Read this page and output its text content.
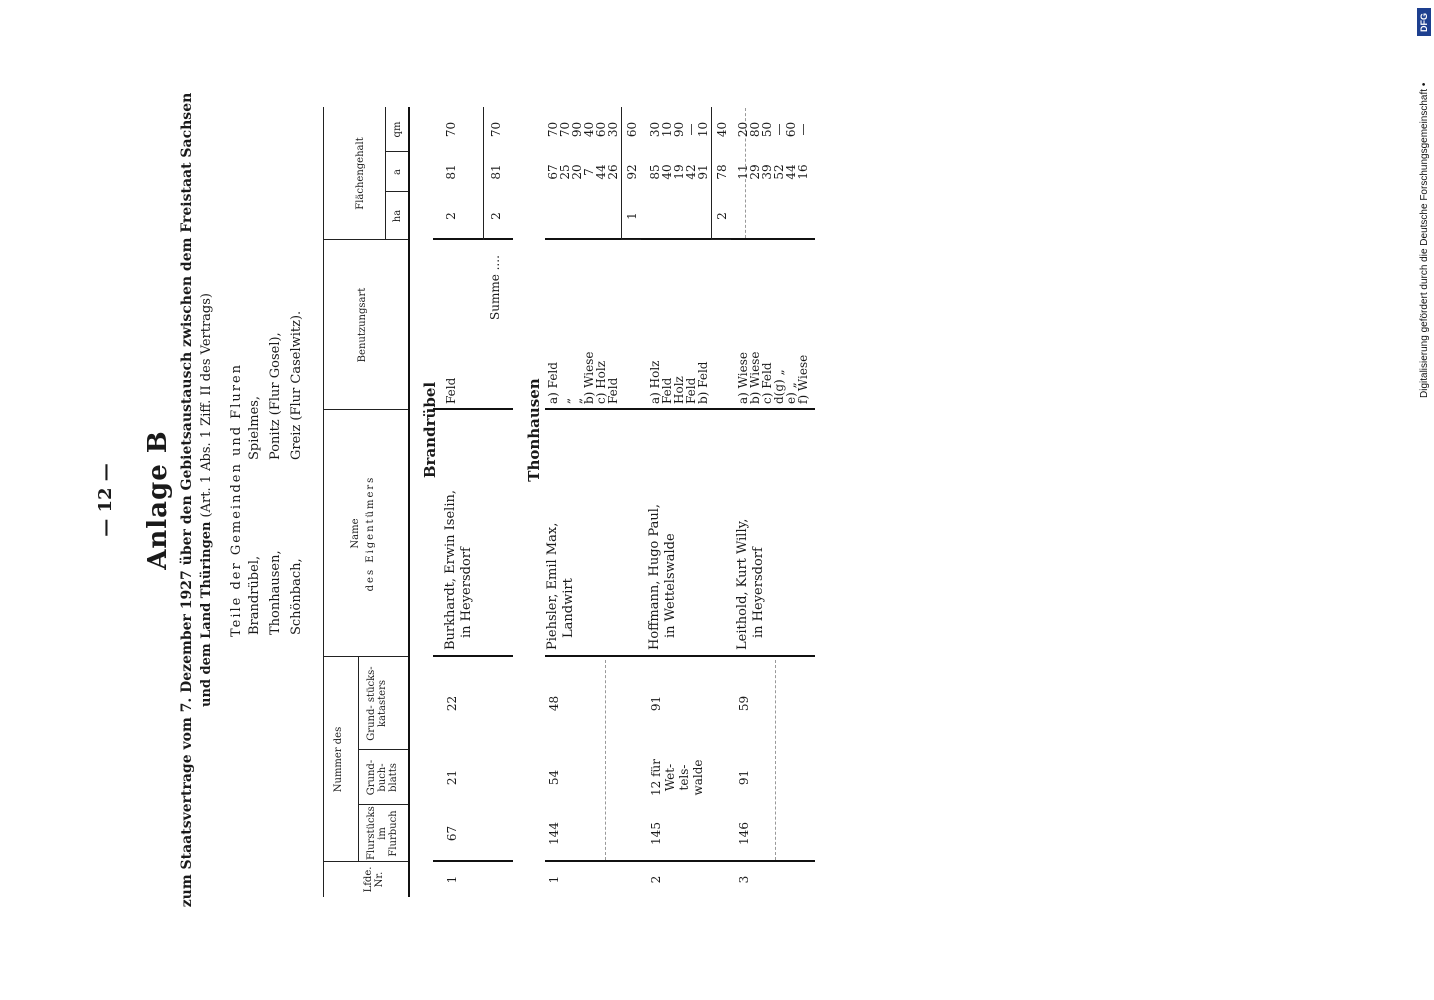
Digitalisierung gefördert durch die Deutsche Forschungsgemeinschaft •
DFG
— 12 — Anlage B zum Staatsvertrage vom 7. Dezember 1927 über den Gebietsaustausch zwischen dem Freistaat Sachsen und dem Land Thüringen (Art. 1 Abs. 1 Ziff. II des Vertrags) Teile der Gemeinden und Fluren Brandrübel, Thonhausen, Schönbach,
Spielmes, Ponitz (Flur Gosel), Greiz (Flur Caselwitz).
Lfde. Nr.
Nummer des
Flurstücks im Flurbuch
Grund- buch- blatts
Grund- stücks- katasters
Name des Eigentümers
Benutzungsart
Flächengehalt
ha
a
qm
Brandrübel	Thonhausen
1
67
21
22
Burkhardt, Erwin Iselin, in Heyersdorf
Feld
2
81
70
Summe ....
2
81
70
1
144
54
48
Piehsler, Emil Max, Landwirt
a) Feld
„
„
b) Wiese
c) Holz
Feld
67
25
20
7
44
26
70
70
90
40
60
30
1
92
60
2
145
12 für Wet- tels- walde
91
Hoffmann, Hugo Paul, in Wettelswalde
a) Holz
Feld
Holz
Feld
b) Feld
85
40
19
42
91
30
10
90
—
10
2
78
40
3
146
91
59
Leithold, Kurt Willy, in Heyersdorf
a) Wiese
b) Wiese
c) Feld
d(g) „
e) „
f) Wiese
11
29
39
52
44
16
20
80
50
—
60
—
